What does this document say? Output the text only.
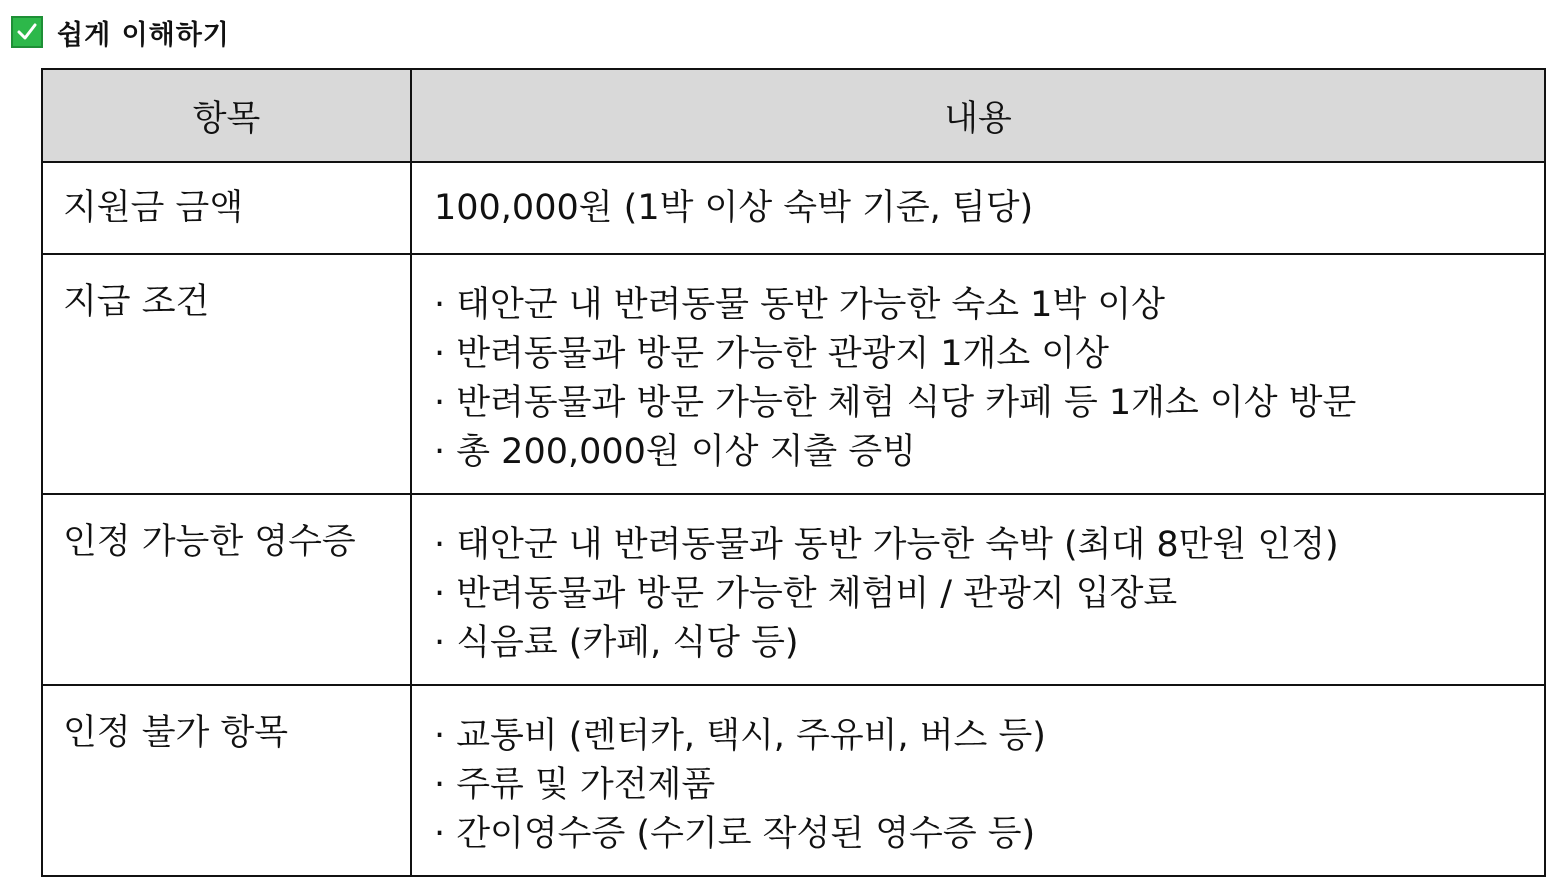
쉽게 이해하기
항목	내용

지원금 금액	100,000원 (1박 이상 숙박 기준, 팀당)

지급 조건	· 태안군 내 반려동물 동반 가능한 숙소 1박 이상
· 반려동물과 방문 가능한 관광지 1개소 이상
· 반려동물과 방문 가능한 체험 식당 카페 등 1개소 이상 방문
· 총 200,000원 이상 지출 증빙

인정 가능한 영수증	· 태안군 내 반려동물과 동반 가능한 숙박 (최대 8만원 인정)
· 반려동물과 방문 가능한 체험비 / 관광지 입장료
· 식음료 (카페, 식당 등)

인정 불가 항목	· 교통비 (렌터카, 택시, 주유비, 버스 등)
· 주류 및 가전제품
· 간이영수증 (수기로 작성된 영수증 등)
